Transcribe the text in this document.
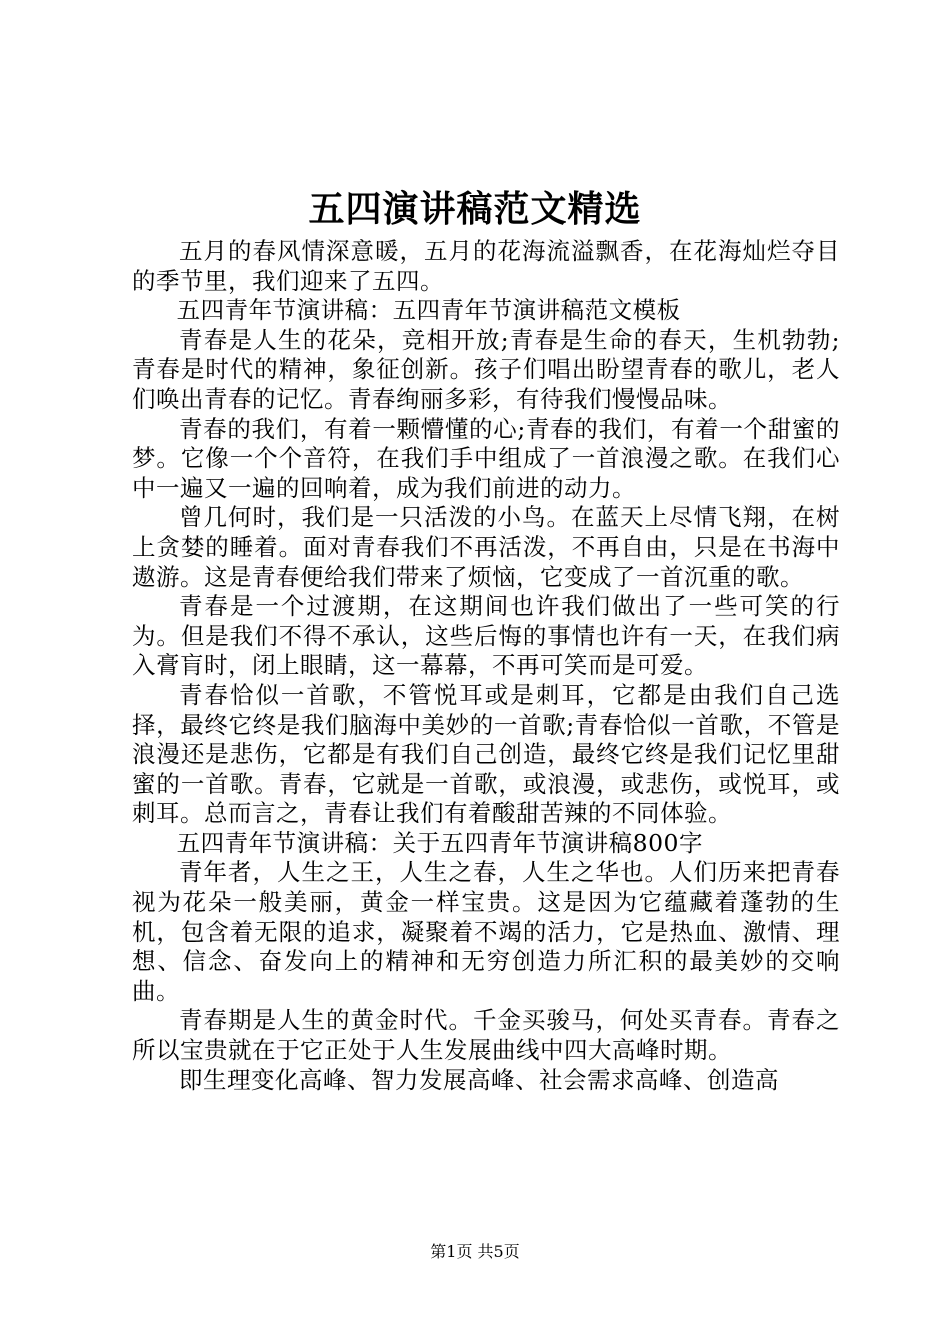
五四演讲稿范文精选

五月的春风情深意暖，五月的花海流溢飘香，在花海灿烂夺目的季节里，我们迎来了五四。

五四青年节演讲稿：五四青年节演讲稿范文模板

青春是人生的花朵，竞相开放;青春是生命的春天，生机勃勃;青春是时代的精神，象征创新。孩子们唱出盼望青春的歌儿，老人们唤出青春的记忆。青春绚丽多彩，有待我们慢慢品味。

青春的我们，有着一颗懵懂的心;青春的我们，有着一个甜蜜的梦。它像一个个音符，在我们手中组成了一首浪漫之歌。在我们心中一遍又一遍的回响着，成为我们前进的动力。

曾几何时，我们是一只活泼的小鸟。在蓝天上尽情飞翔，在树上贪婪的睡着。面对青春我们不再活泼，不再自由，只是在书海中遨游。这是青春便给我们带来了烦恼，它变成了一首沉重的歌。

青春是一个过渡期，在这期间也许我们做出了一些可笑的行为。但是我们不得不承认，这些后悔的事情也许有一天，在我们病入膏肓时，闭上眼睛，这一幕幕，不再可笑而是可爱。

青春恰似一首歌，不管悦耳或是刺耳，它都是由我们自己选择，最终它终是我们脑海中美妙的一首歌;青春恰似一首歌，不管是浪漫还是悲伤，它都是有我们自己创造，最终它终是我们记忆里甜蜜的一首歌。青春，它就是一首歌，或浪漫，或悲伤，或悦耳，或刺耳。总而言之，青春让我们有着酸甜苦辣的不同体验。

五四青年节演讲稿：关于五四青年节演讲稿800字

青年者，人生之王，人生之春，人生之华也。人们历来把青春视为花朵一般美丽，黄金一样宝贵。这是因为它蕴藏着蓬勃的生机，包含着无限的追求，凝聚着不竭的活力，它是热血、激情、理想、信念、奋发向上的精神和无穷创造力所汇积的最美妙的交响曲。

青春期是人生的黄金时代。千金买骏马，何处买青春。青春之所以宝贵就在于它正处于人生发展曲线中四大高峰时期。

即生理变化高峰、智力发展高峰、社会需求高峰、创造高

第1页 共5页
